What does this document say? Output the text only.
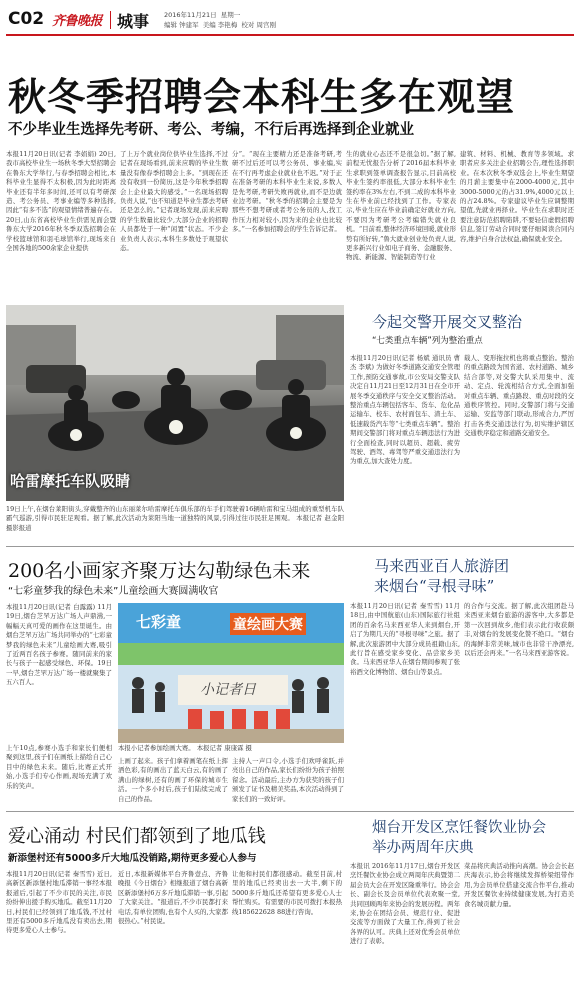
C02 齐鲁晚报 城事 2016年11月21日  星期一
编辑 钟建军  美编 李艳梅  校对 周宫刚
秋冬季招聘会本科生多在观望
不少毕业生选择先考研、考公、考编，不行后再选择到企业就业
本报11月20日讯(记者 李娟娟) 20日,我市高校毕业生一场秋冬季大型招聘会在鲁东大学举行,与春季招聘会相比,本科毕业生显得不太积极,因为此时距离毕业还有半年多时间,还可以有考研深造、考公务员、考事业编等多种选择,因此“有多不选”的观望情绪普遍存在。20日,山东省高校毕业生供需见面会暨鲁东大学2016年秋冬季双选招聘会在学校篮球馆和羽毛球馆举行,现场来自全国各地的500余家企业提供
了上万个就业岗位供毕业生选择,不过记者在现场看到,前来应聘的毕业生数量没有像春季招聘会上多。“到现在还没有收到一份简历,这是今年秋季招聘会上企业最大的感受。”一名现场招聘负责人说,“也不知道是毕业生都去考研还是怎么的。”记者现场发现,前来应聘的学生数量比较少,大部分企业的招聘人员都处于一种“闲置”状态。不少企业负责人表示,本科生多数处于观望状态。
分”。“现在主要精力还是准备考研,考研不过后还可以考公务员、事业编,实在不行再考虑企业就业也不迟。”对于正在准备考研的本科毕业生来说,多数人是先考研,考研失败再就业,而不是边就业边考研。“秋冬季的招聘会主要是为那些不想考研或者考公务员的人,找工作压力相对较小,因为来的企业也比较多。”一名参加招聘会的学生告诉记者。
生的就业心态还不是很急切。”据了解,前程无忧报告分析了2016届本科毕业生求职到签单调查报告显示,目前高校毕业生签约率很低,大部分本科毕业生签约率在3%左右,不到二成的本科毕业生在毕业前已经找到了工作。专家表示,毕业生应在毕业前确定好就业方向,不要因为考研考公考编错失就业良机。“目前看,整体经济环境回暖,就业形势有所好转,”鲁大就业创业处负责人说,更多新兴行业如电子商务、金融服务、物流、新能源、智能制造等行业
建筑、材料、机械、教育等多领域。求职者应多关注企业招聘公告,理性选择职业。在本次秋冬季双选会上,毕业生期望的月薪主要集中在2000-4000元,其中3000-5000元的占31.9%,4000元以上的占24.8%。专家建议毕业生应调整期望值,先就业再择业。毕业生在求职时还要注意防范招聘陷阱,不要轻信虚假招聘信息,签订劳动合同时要仔细阅读合同内容,维护自身合法权益,确保就业安全。
哈雷摩托车队吸睛
19日上午,在烟台莱阳街头,穿戴整齐的山东丽莱尔哈雷摩托车俱乐部的车手们驾驶着16辆哈雷和宝马组成的重型机车队霸气巡游,引得市民驻足观看。据了解,此次活动为莱阳当地一道独特的风景,引得过往市民驻足围观。 本报记者 赵金阳 摄影报道
今起交警开展交叉整治
“七类重点车辆”列为整治重点
本报11月20日讯(记者 杨斌 通讯员 曹杰 李斌) 为做好冬季道路交通安全管理工作,预防交通事故,市公安局交警支队决定自11月21日至12月31日在全市开展冬季交通秩序与安全交叉整治活动。整治重点车辆包括客车、货车、危化品运输车、校车、农村面包车、渣土车、低速载货汽车等“七类重点车辆”。整治期间交警部门将对重点车辆违法行为进行全面检查,同时以超员、超载、疲劳驾驶、酒驾、毒驾等严重交通违法行为为重点,加大查处力度。
载人、变形拖拉机也将重点整治。整治的重点路段为国省道、农村道路、城乡结合部等,对交警大队采用集中、流动、定点、轮流相结合方式,全面加强对重点车辆、重点路段、重点时段的交通秩序管控。同时,交警部门将与交通运输、安监等部门联动,形成合力,严厉打击各类交通违法行为,切实维护辖区交通秩序稳定和道路交通安全。
200名小画家齐聚万达勾勒绿色未来
“七彩童梦我的绿色未来”儿童绘画大赛圆满收官
本报11月20日讯(记者 白露露) 11月19日,烟台芝罘万达广场人声鼎沸,一幅幅天真可爱的画作在这里诞生。由烟台芝罘万达广场共同举办的“七彩童梦我的绿色未来”儿童绘画大赛,吸引了近两百名孩子参赛。随同前来的家长与孩子一起感受绿色、环保。19日一早,烟台芝罘万达广场一楼就聚集了五六百人。
七彩童	童绘画大赛
小记者日
本报小记者参加绘画大赛。 本报记者 康康霖 摄
上午10点,参赛小选手和家长们便相聚到这里,孩子们在画纸上描绘自己心目中的绿色未来。随后,比赛正式开始,小选手们专心作画,现场充满了欢乐的笑声。
上画了起来。孩子们拿着画笔在纸上挥洒色彩,有的画出了蓝天白云,有的画了满山的绿树,还有的画了环保的城市生活。一个多小时后,孩子们陆续完成了自己的作品。
主持人一声口令,小选手们欢呼雀跃,并亮出自己的作品,家长们纷纷为孩子拍照留念。活动最后,主办方为获奖的孩子们颁发了证书及精美奖品,本次活动得到了家长们的一致好评。
马来西亚百人旅游团
来烟台“寻根寻味”
本报11月20日讯(记者 秦雪雪) 11月18日,由中国航旅(山东)国际旅行社组团的百余名马来西亚华人来到烟台,开启了为期几天的“寻根寻味”之旅。据了解,此次旅游团中大部分成员祖籍山东,此行旨在感受家乡变化、品尝家乡美食。马来西亚华人在烟台期间参观了张裕酒文化博物馆、烟台山等景点。
的合作与交流。据了解,此次组团赴马来西亚来烟台旅游的游客中,大多都是第一次回到故乡,他们表示此行收获颇丰,对烟台的发展变化赞不绝口。“烟台的海鲜非常美味,城市也非常干净漂亮,以后还会再来。”一名马来西亚游客说。
爱心涌动 村民们都领到了地瓜钱
新添堡村还有5000多斤大地瓜没销路,期待更多爱心人参与
本报11月20日讯(记者 秦雪雪) 近日,高新区新添堡村地瓜滞销一事经本报报道后,引起了不少市民的关注,市民纷纷伸出援手购买地瓜。截至11月20日,村民们已经领到了地瓜钱,不过村里还有5000多斤地瓜没有卖出去,期待更多爱心人士参与。
近日,本报新媒体平台齐鲁壹点、齐鲁晚报《今日烟台》相继报道了烟台高新区新添堡村6万多斤地瓜滞销一事,引起了大家关注。“报道后,不少市民都打来电话,有单位团购,也有个人买的,大家都很热心。”村民说。
让他和村民们都很感动。截至目前,村里的地瓜已经卖出去一大半,剩下的5000多斤地瓜还希望有更多爱心人士帮忙购买。有需要的市民可拨打本报热线185622628 88进行咨询。
烟台开发区烹饪餐饮业协会
举办两周年庆典
本报讯 2016年11月17日,烟台开发区烹饪餐饮业协会成立两周年庆典暨第二届会员大会在开发区隆重举行。协会会长、副会长及会员单位代表欢聚一堂,共同回顾两年来协会的发展历程。两年来,协会在团结会员、规范行业、促进交流等方面做了大量工作,得到了社会各界的认可。庆典上还对优秀会员单位进行了表彰。
菜品将庆典活动推向高潮。协会会长赵庆海表示,协会将继续发挥桥梁纽带作用,为会员单位搭建交流合作平台,推动开发区餐饮业持续健康发展,为打造美食名城贡献力量。
